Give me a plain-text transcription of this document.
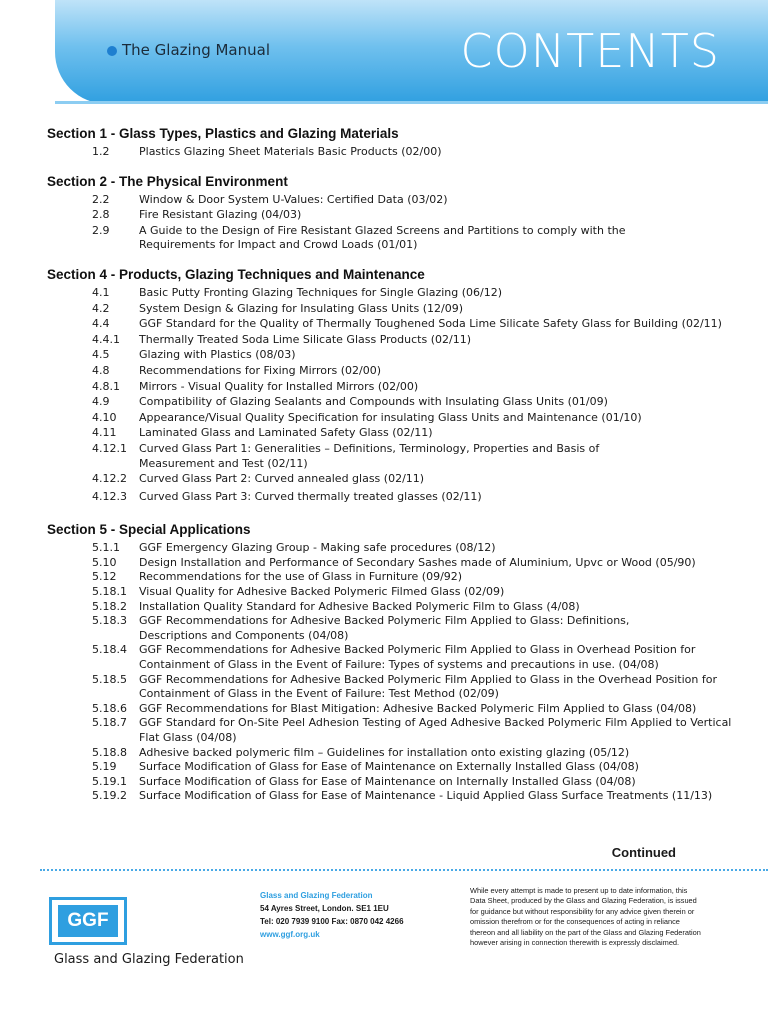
The Glazing Manual	CONTENTS
Section 1 - Glass Types, Plastics and Glazing Materials
1.2	Plastics Glazing Sheet Materials Basic Products (02/00)
Section 2 - The Physical Environment
2.2	Window & Door System U-Values: Certified Data (03/02)
2.8	Fire Resistant Glazing (04/03)
2.9	A Guide to the Design of Fire Resistant Glazed Screens and Partitions to comply with the
Requirements for Impact and Crowd Loads (01/01)
Section 4 - Products, Glazing Techniques and Maintenance
4.1	Basic Putty Fronting Glazing Techniques for Single Glazing (06/12)
4.2	System Design & Glazing for Insulating Glass Units (12/09)
4.4	GGF Standard for the Quality of Thermally Toughened Soda Lime Silicate Safety Glass for Building (02/11)
4.4.1	Thermally Treated Soda Lime Silicate Glass Products (02/11)
4.5	Glazing with Plastics (08/03)
4.8	Recommendations for Fixing Mirrors (02/00)
4.8.1	Mirrors - Visual Quality for Installed Mirrors (02/00)
4.9	Compatibility of Glazing Sealants and Compounds with Insulating Glass Units (01/09)
4.10	Appearance/Visual Quality Specification for insulating Glass Units and Maintenance (01/10)
4.11	Laminated Glass and Laminated Safety Glass (02/11)
4.12.1	Curved Glass Part 1: Generalities – Definitions, Terminology, Properties and Basis of
Measurement and Test (02/11)
4.12.2	Curved Glass Part 2: Curved annealed glass (02/11)
4.12.3	Curved Glass Part 3: Curved thermally treated glasses (02/11)
Section 5 - Special Applications
5.1.1	GGF Emergency Glazing Group - Making safe procedures (08/12)
5.10	Design Installation and Performance of Secondary Sashes made of Aluminium, Upvc or Wood (05/90)
5.12	Recommendations for the use of Glass in Furniture (09/92)
5.18.1	Visual Quality for Adhesive Backed Polymeric Filmed Glass (02/09)
5.18.2	Installation Quality Standard for Adhesive Backed Polymeric Film to Glass (4/08)
5.18.3	GGF Recommendations for Adhesive Backed Polymeric Film Applied to Glass: Definitions,
Descriptions and Components (04/08)
5.18.4	GGF Recommendations for Adhesive Backed Polymeric Film Applied to Glass in Overhead Position for
Containment of Glass in the Event of Failure: Types of systems and precautions in use. (04/08)
5.18.5	GGF Recommendations for Adhesive Backed Polymeric Film Applied to Glass in the Overhead Position for
Containment of Glass in the Event of Failure: Test Method (02/09)
5.18.6	GGF Recommendations for Blast Mitigation: Adhesive Backed Polymeric Film Applied to Glass (04/08)
5.18.7	GGF Standard for On-Site Peel Adhesion Testing of Aged Adhesive Backed Polymeric Film Applied to Vertical
Flat Glass (04/08)
5.18.8	Adhesive backed polymeric film – Guidelines for installation onto existing glazing (05/12)
5.19	Surface Modification of Glass for Ease of Maintenance on Externally Installed Glass (04/08)
5.19.1	Surface Modification of Glass for Ease of Maintenance on Internally Installed Glass (04/08)
5.19.2	Surface Modification of Glass for Ease of Maintenance - Liquid Applied Glass Surface Treatments (11/13)
Continued
GGF
Glass and Glazing Federation
Glass and Glazing Federation
54 Ayres Street, London. SE1 1EU
Tel: 020 7939 9100 Fax: 0870 042 4266
www.ggf.org.uk
While every attempt is made to present up to date information, this Data Sheet, produced by the Glass and Glazing Federation, is issued for guidance but without responsibility for any advice given therein or omission therefrom or for the consequences of acting in reliance thereon and all liability on the part of the Glass and Glazing Federation however arising in connection therewith is expressly disclaimed.
